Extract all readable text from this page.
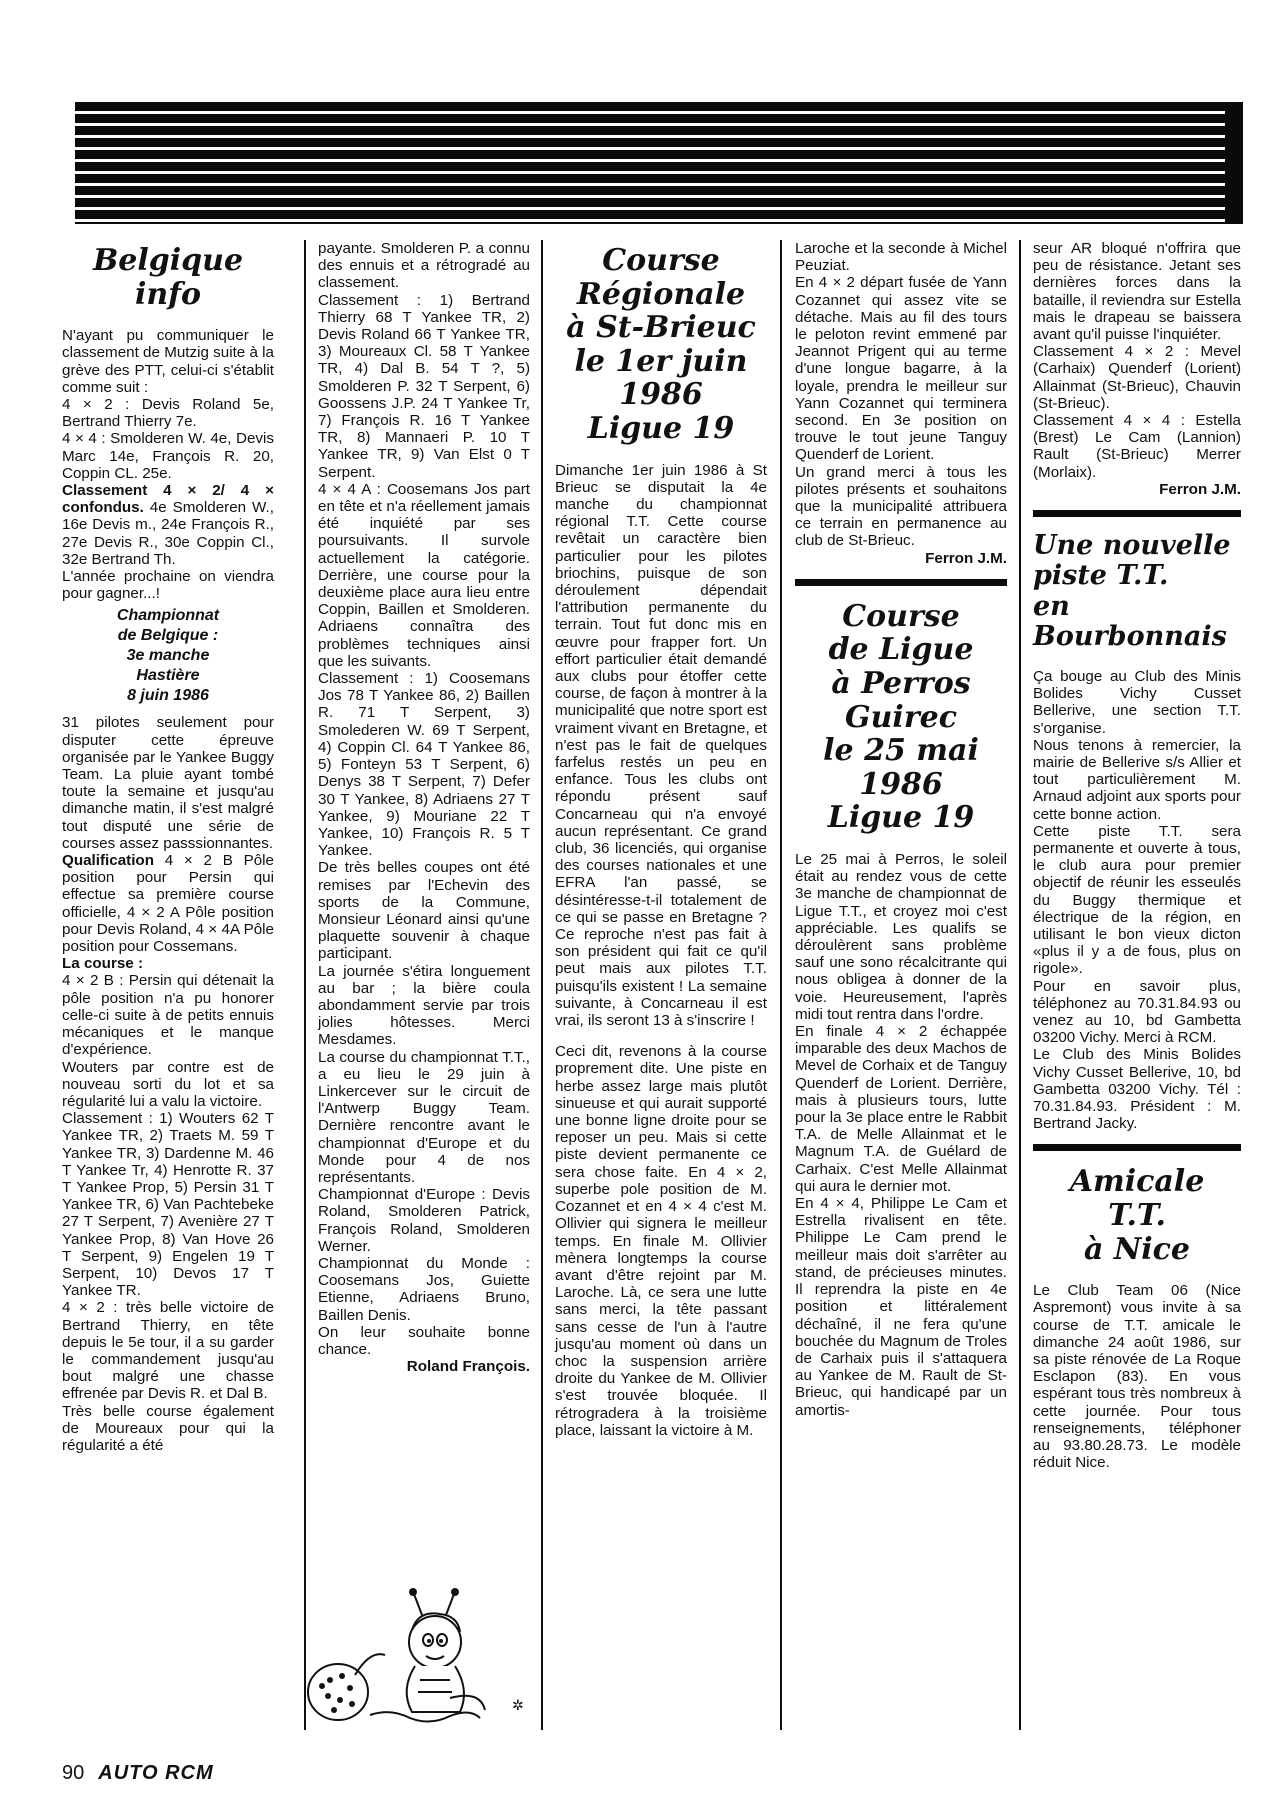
Belgique info

N'ayant pu communiquer le classement de Mutzig suite à la grève des PTT, celui-ci s'établit comme suit :

4 × 2 : Devis Roland 5e, Bertrand Thierry 7e.

4 × 4 : Smolderen W. 4e, Devis Marc 14e, François R. 20, Coppin CL. 25e.

Classement 4 × 2/ 4 × confondus. 4e Smolderen W., 16e Devis m., 24e François R., 27e Devis R., 30e Coppin Cl., 32e Bertrand Th.

L'année prochaine on viendra pour gagner...!

Championnat
de Belgique :
3e manche
Hastière
8 juin 1986

31 pilotes seulement pour disputer cette épreuve organisée par le Yankee Buggy Team. La pluie ayant tombé toute la semaine et jusqu'au dimanche matin, il s'est malgré tout disputé une série de courses assez passsionnantes.

Qualification 4 × 2 B Pôle position pour Persin qui effectue sa première course officielle, 4 × 2 A Pôle position pour Devis Roland, 4 × 4A Pôle position pour Cossemans.

La course :

4 × 2 B : Persin qui détenait la pôle position n'a pu honorer celle-ci suite à de petits ennuis mécaniques et le manque d'expérience.

Wouters par contre est de nouveau sorti du lot et sa régularité lui a valu la victoire.

Classement : 1) Wouters 62 T Yankee TR, 2) Traets M. 59 T Yankee TR, 3) Dardenne M. 46 T Yankee Tr, 4) Henrotte R. 37 T Yankee Prop, 5) Persin 31 T Yankee TR, 6) Van Pachtebeke 27 T Serpent, 7) Avenière 27 T Yankee Prop, 8) Van Hove 26 T Serpent, 9) Engelen 19 T Serpent, 10) Devos 17 T Yankee TR.

4 × 2 : très belle victoire de Bertrand Thierry, en tête depuis le 5e tour, il a su garder le commandement jusqu'au bout malgré une chasse effrenée par Devis R. et Dal B.

Très belle course également de Moureaux pour qui la régularité a été

payante. Smolderen P. a connu des ennuis et a rétrogradé au classement.

Classement : 1) Bertrand Thierry 68 T Yankee TR, 2) Devis Roland 66 T Yankee TR, 3) Moureaux Cl. 58 T Yankee TR, 4) Dal B. 54 T ?, 5) Smolderen P. 32 T Serpent, 6) Goossens J.P. 24 T Yankee Tr, 7) François R. 16 T Yankee TR, 8) Mannaeri P. 10 T Yankee TR, 9) Van Elst 0 T Serpent.

4 × 4 A : Coosemans Jos part en tête et n'a réellement jamais été inquiété par ses poursuivants. Il survole actuellement la catégorie. Derrière, une course pour la deuxième place aura lieu entre Coppin, Baillen et Smolderen. Adriaens connaîtra des problèmes techniques ainsi que les suivants.

Classement : 1) Coosemans Jos 78 T Yankee 86, 2) Baillen R. 71 T Serpent, 3) Smolederen W. 69 T Serpent, 4) Coppin Cl. 64 T Yankee 86, 5) Fonteyn 53 T Serpent, 6) Denys 38 T Serpent, 7) Defer 30 T Yankee, 8) Adriaens 27 T Yankee, 9) Mouriane 22 T Yankee, 10) François R. 5 T Yankee.

De très belles coupes ont été remises par l'Echevin des sports de la Commune, Monsieur Léonard ainsi qu'une plaquette souvenir à chaque participant.

La journée s'étira longuement au bar ; la bière coula abondamment servie par trois jolies hôtesses. Merci Mesdames.

La course du championnat T.T., a eu lieu le 29 juin à Linkercever sur le circuit de l'Antwerp Buggy Team. Dernière rencontre avant le championnat d'Europe et du Monde pour 4 de nos représentants.

Championnat d'Europe : Devis Roland, Smolderen Patrick, François Roland, Smolderen Werner.

Championnat du Monde : Coosemans Jos, Guiette Etienne, Adriaens Bruno, Baillen Denis.

On leur souhaite bonne chance.

Roland François.

✲
Course
Régionale
à St-Brieuc
le 1er juin
1986
Ligue 19

Dimanche 1er juin 1986 à St Brieuc se disputait la 4e manche du championnat régional T.T. Cette course revêtait un caractère bien particulier pour les pilotes briochins, puisque de son déroulement dépendait l'attribution permanente du terrain. Tout fut donc mis en œuvre pour frapper fort. Un effort particulier était demandé aux clubs pour étoffer cette course, de façon à montrer à la municipalité que notre sport est vraiment vivant en Bretagne, et n'est pas le fait de quelques farfelus restés un peu en enfance. Tous les clubs ont répondu présent sauf Concarneau qui n'a envoyé aucun représentant. Ce grand club, 36 licenciés, qui organise des courses nationales et une EFRA l'an passé, se désintéresse-t-il totalement de ce qui se passe en Bretagne ? Ce reproche n'est pas fait à son président qui fait ce qu'il peut mais aux pilotes T.T. puisqu'ils existent ! La semaine suivante, à Concarneau il est vrai, ils seront 13 à s'inscrire !

Ceci dit, revenons à la course proprement dite. Une piste en herbe assez large mais plutôt sinueuse et qui aurait supporté une bonne ligne droite pour se reposer un peu. Mais si cette piste devient permanente ce sera chose faite. En 4 × 2, superbe pole position de M. Cozannet et en 4 × 4 c'est M. Ollivier qui signera le meilleur temps. En finale M. Ollivier mènera longtemps la course avant d'être rejoint par M. Laroche. Là, ce sera une lutte sans merci, la tête passant sans cesse de l'un à l'autre jusqu'au moment où dans un choc la suspension arrière droite du Yankee de M. Ollivier s'est trouvée bloquée. Il rétrogradera à la troisième place, laissant la victoire à M.

Laroche et la seconde à Michel Peuziat.

En 4 × 2 départ fusée de Yann Cozannet qui assez vite se détache. Mais au fil des tours le peloton revint emmené par Jeannot Prigent qui au terme d'une longue bagarre, à la loyale, prendra le meilleur sur Yann Cozannet qui terminera second. En 3e position on trouve le tout jeune Tanguy Quenderf de Lorient.

Un grand merci à tous les pilotes présents et souhaitons que la municipalité attribuera ce terrain en permanence au club de St-Brieuc.

Ferron J.M.

Course
de Ligue
à Perros
Guirec
le 25 mai
1986
Ligue 19

Le 25 mai à Perros, le soleil était au rendez vous de cette 3e manche de championnat de Ligue T.T., et croyez moi c'est appréciable. Les qualifs se déroulèrent sans problème sauf une sono récalcitrante qui nous obligea à donner de la voie. Heureusement, l'après midi tout rentra dans l'ordre.

En finale 4 × 2 échappée imparable des deux Machos de Mevel de Corhaix et de Tanguy Quenderf de Lorient. Derrière, mais à plusieurs tours, lutte pour la 3e place entre le Rabbit T.A. de Melle Allainmat et le Magnum T.A. de Guélard de Carhaix. C'est Melle Allainmat qui aura le dernier mot.

En 4 × 4, Philippe Le Cam et Estrella rivalisent en tête. Philippe Le Cam prend le meilleur mais doit s'arrêter au stand, de précieuses minutes. Il reprendra la piste en 4e position et littéralement déchaîné, il ne fera qu'une bouchée du Magnum de Troles de Carhaix puis il s'attaquera au Yankee de M. Rault de St-Brieuc, qui handicapé par un amortis-

seur AR bloqué n'offrira que peu de résistance. Jetant ses dernières forces dans la bataille, il reviendra sur Estella mais le drapeau se baissera avant qu'il puisse l'inquiéter.

Classement 4 × 2 : Mevel (Carhaix) Quenderf (Lorient) Allainmat (St-Brieuc), Chauvin (St-Brieuc).

Classement 4 × 4 : Estella (Brest) Le Cam (Lannion) Rault (St-Brieuc) Merrer (Morlaix).

Ferron J.M.

Une nouvelle
piste T.T.
en
Bourbonnais

Ça bouge au Club des Minis Bolides Vichy Cusset Bellerive, une section T.T. s'organise.

Nous tenons à remercier, la mairie de Bellerive s/s Allier et tout particulièrement M. Arnaud adjoint aux sports pour cette bonne action.

Cette piste T.T. sera permanente et ouverte à tous, le club aura pour premier objectif de réunir les esseulés du Buggy thermique et électrique de la région, en utilisant le bon vieux dicton «plus il y a de fous, plus on rigole».

Pour en savoir plus, téléphonez au 70.31.84.93 ou venez au 10, bd Gambetta 03200 Vichy. Merci à RCM.

Le Club des Minis Bolides Vichy Cusset Bellerive, 10, bd Gambetta 03200 Vichy. Tél : 70.31.84.93. Président : M. Bertrand Jacky.

Amicale
T.T.
à Nice

Le Club Team 06 (Nice Aspremont) vous invite à sa course de T.T. amicale le dimanche 24 août 1986, sur sa piste rénovée de La Roque Esclapon (83). En vous espérant tous très nombreux à cette journée. Pour tous renseignements, téléphoner au 93.80.28.73. Le modèle réduit Nice.

90 AUTO RCM
